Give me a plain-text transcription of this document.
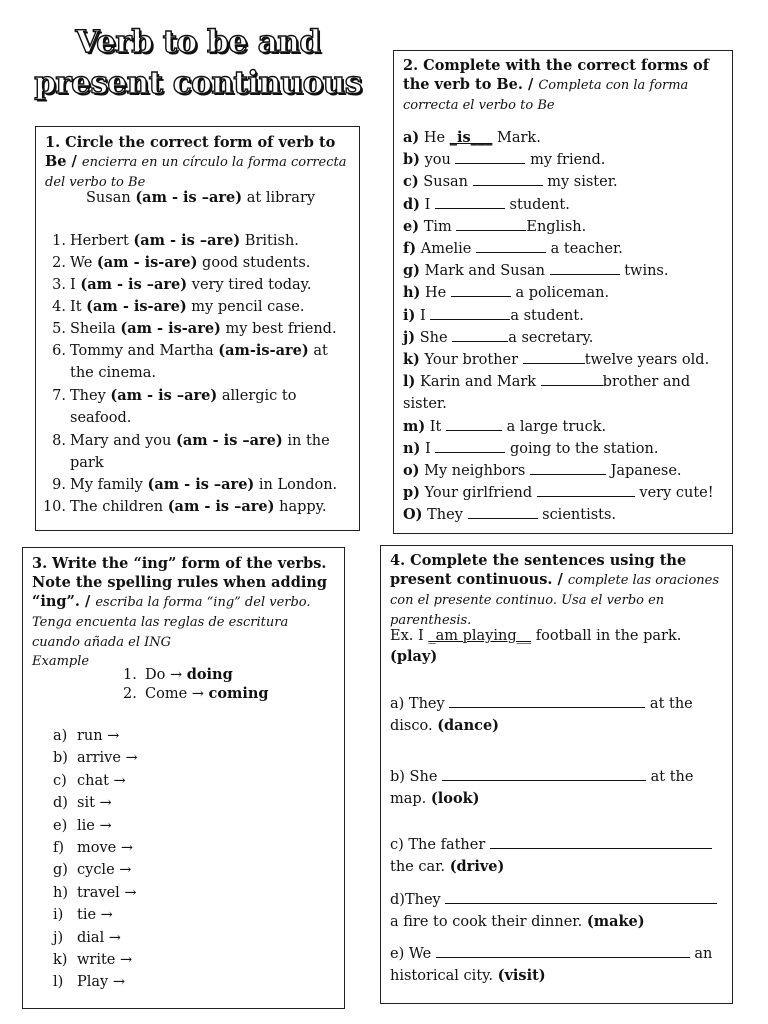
Verb to be and
present continuous
1. Circle the correct form of verb to Be / encierra en un círculo la forma correcta del verbo to Be
Susan (am - is –are) at library
1. Herbert (am - is –are) British.
2. We (am - is-are) good students.
3. I (am - is –are) very tired today.
4. It (am - is-are) my pencil case.
5. Sheila (am - is-are) my best friend.
6. Tommy and Martha (am-is-are) at
the cinema.
7. They (am - is –are) allergic to
seafood.
8. Mary and you (am - is –are) in the
park
9. My family (am - is –are) in London.
10. The children (am - is –are) happy.
2. Complete with the correct forms of the verb to Be. / Completa con la forma correcta el verbo to Be
a) He _is___ Mark.
b) you	my friend.
c) Susan	my sister.
d) I	student.
e) Tim	English.
f) Amelie	a teacher.
g) Mark and Susan	twins.
h) He	a policeman.
i) I	a student.
j) She	a secretary.
k) Your brother	twelve years old.
l) Karin and Mark	brother and
sister.
m) It	a large truck.
n) I	going to the station.
o) My neighbors	Japanese.
p) Your girlfriend	very cute!
O) They	scientists.
3. Write the “ing” form of the verbs. Note the spelling rules when adding “ing”. / escriba la forma “ing” del verbo. Tenga encuenta las reglas de escritura cuando añada el ING
Example
1. Do → doing
2. Come → coming
a) run →
b) arrive →
c) chat →
d) sit →
e) lie →
f) move →
g) cycle →
h) travel →
i) tie →
j) dial →
k) write →
l) Play →
4. Complete the sentences using the present continuous. / complete las oraciones con el presente continuo. Usa el verbo en parenthesis.
Ex. I _am playing__ football in the park.
(play)
a) They	at the
disco. (dance)
b) She	at the
map. (look)
c) The father
the car. (drive)
d)They
a fire to cook their dinner. (make)
e) We	an
historical city. (visit)
